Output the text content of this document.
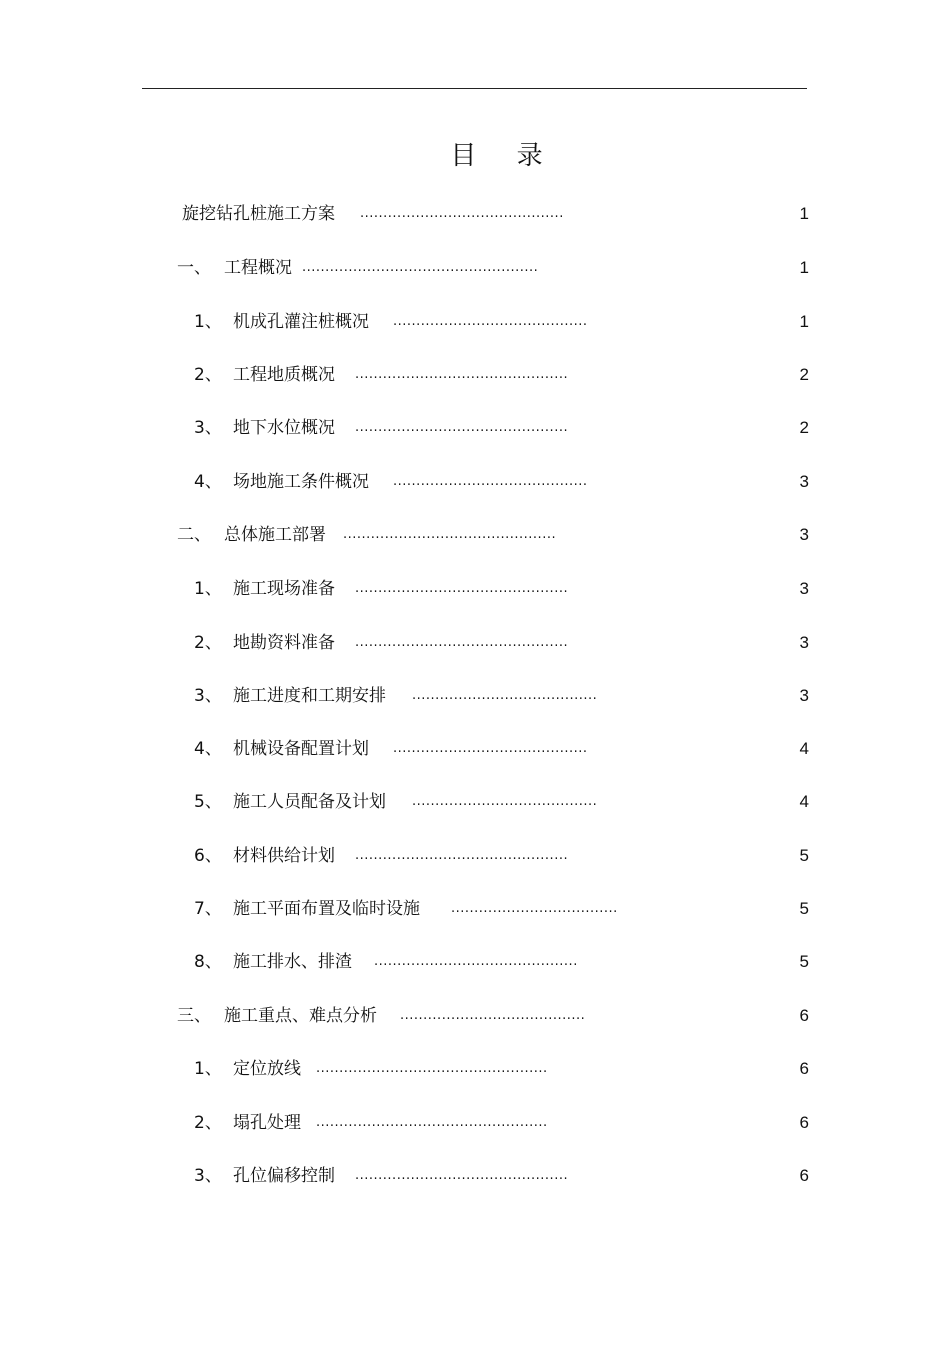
目 录
旋挖钻孔桩施工方案 ............................................	1
一、 工程概况 ...................................................	1
1、 机成孔灌注桩概况 ..........................................	1
2、 工程地质概况 ..............................................	2
3、 地下水位概况 ..............................................	2
4、 场地施工条件概况 ..........................................	3
二、 总体施工部署 ..............................................	3
1、 施工现场准备 ..............................................	3
2、 地勘资料准备 ..............................................	3
3、 施工进度和工期安排 ........................................	3
4、 机械设备配置计划 ..........................................	4
5、 施工人员配备及计划 ........................................	4
6、 材料供给计划 ..............................................	5
7、 施工平面布置及临时设施 ....................................	5
8、 施工排水、排渣 ............................................	5
三、 施工重点、难点分析 ........................................	6
1、 定位放线 ..................................................	6
2、 塌孔处理 ..................................................	6
3、 孔位偏移控制 ..............................................	6
